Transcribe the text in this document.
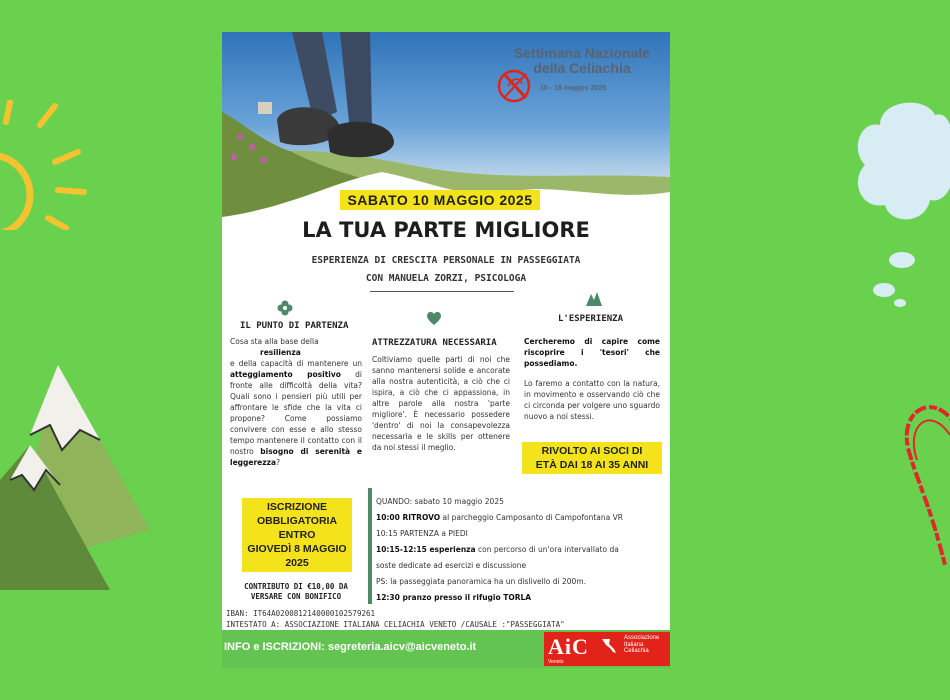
Settimana Nazionale della Celiachia
10 - 18 maggio 2025
SABATO 10 MAGGIO 2025
LA TUA PARTE MIGLIORE
ESPERIENZA DI CRESCITA PERSONALE IN PASSEGGIATA
CON MANUELA ZORZI, PSICOLOGA
IL PUNTO DI PARTENZA
Cosa sta alla base della
resilienza
e della capacità di mantenere un atteggiamento positivo di fronte alle difficoltà della vita? Quali sono i pensieri più utili per affrontare le sfide che la vita ci propone?	Come possiamo convivere con esse e allo stesso tempo mantenere il contatto con il nostro bisogno di serenità e leggerezza?
ATTREZZATURA NECESSARIA
Coltiviamo quelle parti di noi che sanno mantenersi solide e ancorate alla nostra autenticità, a ciò che ci ispira, a ciò che ci appassiona, in altre parole alla nostra 'parte migliore'. È necessario possedere 'dentro' di noi la consapevolezza necessaria e le skills per ottenere da noi stessi il meglio.
L'ESPERIENZA
Cercheremo di capire come riscoprire i 'tesori' che possediamo.
Lo faremo a contatto con la natura, in movimento e osservando ciò che ci circonda per volgere uno sguardo nuovo a noi stessi.
RIVOLTO AI SOCI DI
ETÀ DAI 18 AI 35 ANNI
ISCRIZIONE
OBBLIGATORIA
ENTRO
GIOVEDÌ 8 MAGGIO
2025
CONTRIBUTO DI €10,00 DA
VERSARE CON BONIFICO
QUANDO: sabato 10 maggio 2025
10:00 RITROVO al parcheggio Camposanto di Campofontana VR
10:15 PARTENZA a PIEDI
10:15-12:15 esperienza con percorso di un'ora intervallato da
soste dedicate ad esercizi e discussione
PS: la passeggiata panoramica ha un dislivello di 200m.
12:30 pranzo presso il rifugio TORLA
IBAN: IT64A0200812140000102579261
INTESTATO A: ASSOCIAZIONE ITALIANA CELIACHIA VENETO /CAUSALE :"PASSEGGIATA"
INFO e ISCRIZIONI: segreteria.aicv@aicveneto.it	AiC	Associazione
Italiana
Celiachia
Veneto
